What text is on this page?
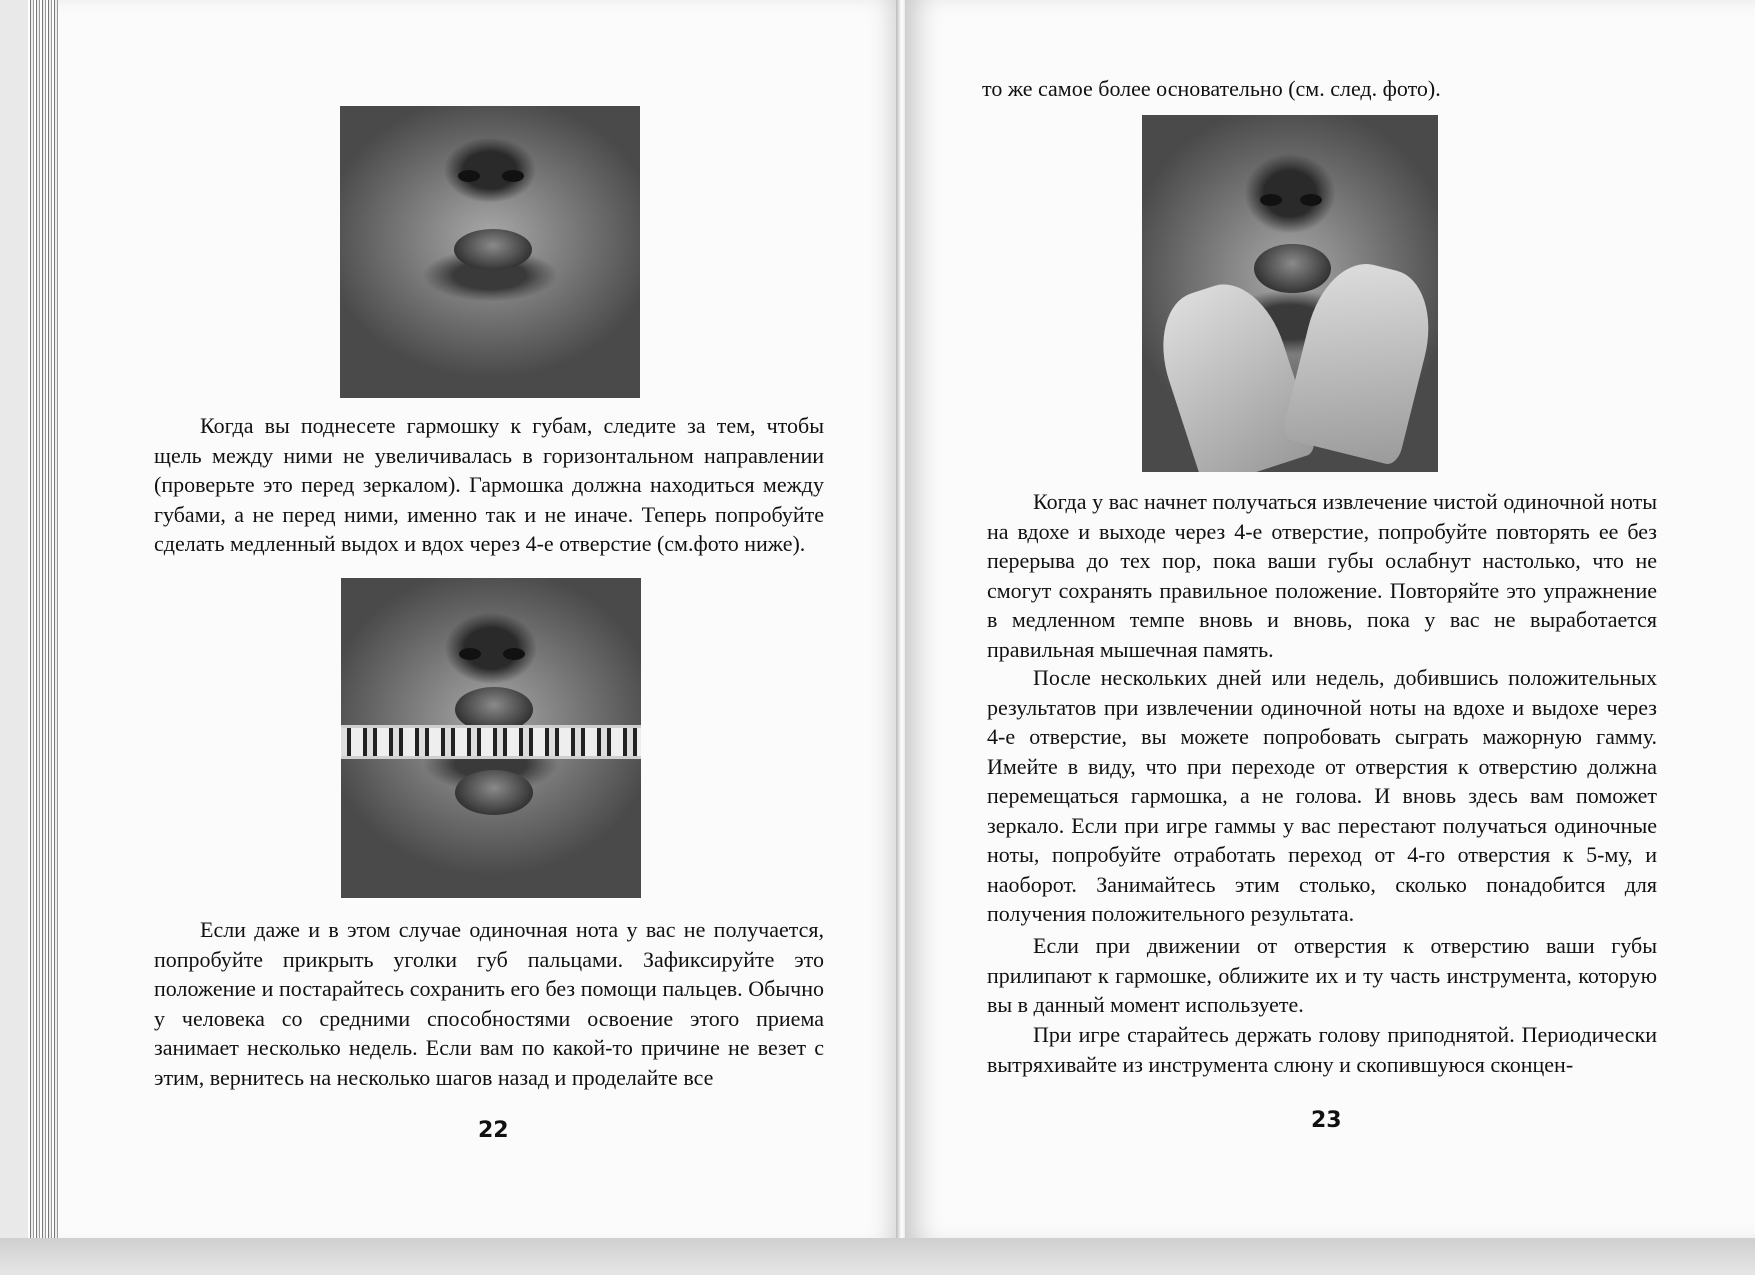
Когда вы поднесете гармошку к губам, следите за тем, чтобы щель между ними не увеличивалась в горизонтальном направлении (проверьте это перед зеркалом). Гармошка должна находиться между губами, а не перед ними, именно так и не иначе. Теперь попробуйте сделать медленный выдох и вдох через 4-е отверстие (см.фото ниже).

Если даже и в этом случае одиночная нота у вас не получается, попробуйте прикрыть уголки губ пальцами. Зафиксируйте это положение и постарайтесь сохранить его без помощи пальцев. Обычно у человека со средними способностями освоение этого приема занимает несколько недель. Если вам по какой-то причине не везет с этим, вернитесь на несколько шагов назад и проделайте все

22

то же самое более основательно (см. след. фото).

Когда у вас начнет получаться извлечение чистой одиночной ноты на вдохе и выходе через 4-е отверстие, попробуйте повторять ее без перерыва до тех пор, пока ваши губы ослабнут настолько, что не смогут сохранять правильное положение. Повторяйте это упражнение в медленном темпе вновь и вновь, пока у вас не выработается правильная мышечная память.

После нескольких дней или недель, добившись положительных результатов при извлечении одиночной ноты на вдохе и выдохе через 4-е отверстие, вы можете попробовать сыграть мажорную гамму. Имейте в виду, что при переходе от отверстия к отверстию должна перемещаться гармошка, а не голова. И вновь здесь вам поможет зеркало. Если при игре гаммы у вас перестают получаться одиночные ноты, попробуйте отработать переход от 4-го отверстия к 5-му, и наоборот. Занимайтесь этим столько, сколько понадобится для получения положительного результата.

Если при движении от отверстия к отверстию ваши губы прилипают к гармошке, оближите их и ту часть инструмента, которую вы в данный момент используете.

При игре старайтесь держать голову приподнятой. Периодически вытряхивайте из инструмента слюну и скопившуюся сконцен-

23
